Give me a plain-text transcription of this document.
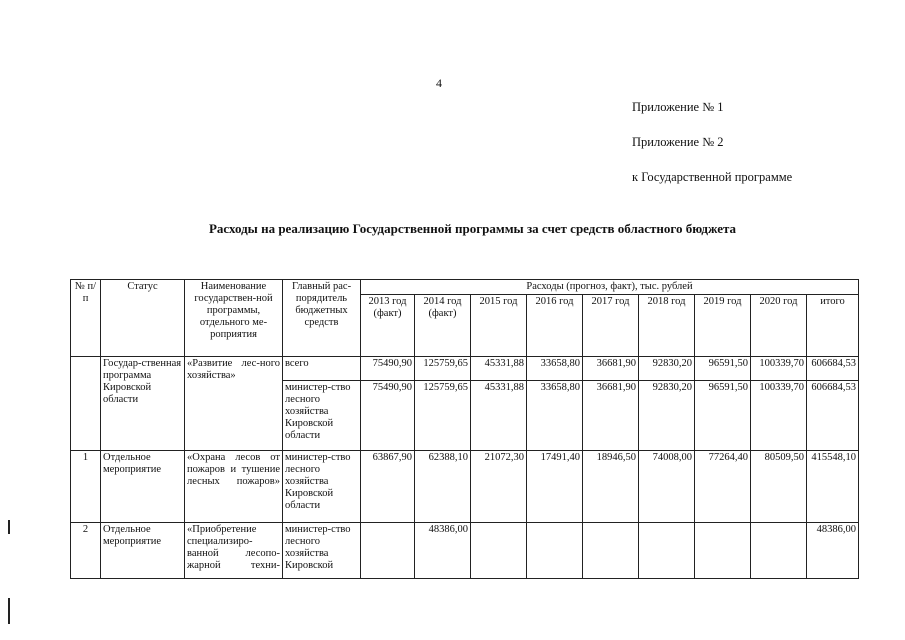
4
Приложение № 1
Приложение № 2
к Государственной программе
Расходы на реализацию Государственной программы за счет средств областного бюджета
№ п/п	Статус	Наименование государствен-ной программы, отдельного ме-роприятия	Главный рас-порядитель бюджетных средств	Расходы (прогноз, факт), тыс. рублей								
				2013 год (факт)	2014 год (факт)	2015 год	2016 год	2017 год	2018 год	2019 год	2020 год	итого
	Государ-ственная программа Кировской области	«Развитие лес-ного хозяйства»	всего	75490,90	125759,65	45331,88	33658,80	36681,90	92830,20	96591,50	100339,70	606684,53
			министер-ство лесного хозяйства Кировской области	75490,90	125759,65	45331,88	33658,80	36681,90	92830,20	96591,50	100339,70	606684,53
1	Отдельное мероприятие	«Охрана лесов от пожаров и тушение лесных пожаров»	министер-ство лесного хозяйства Кировской области	63867,90	62388,10	21072,30	17491,40	18946,50	74008,00	77264,40	80509,50	415548,10
2	Отдельное мероприятие	«Приобретение специализиро-ванной лесопо-жарной техни-	министер-ство лесного хозяйства Кировской		48386,00							48386,00
